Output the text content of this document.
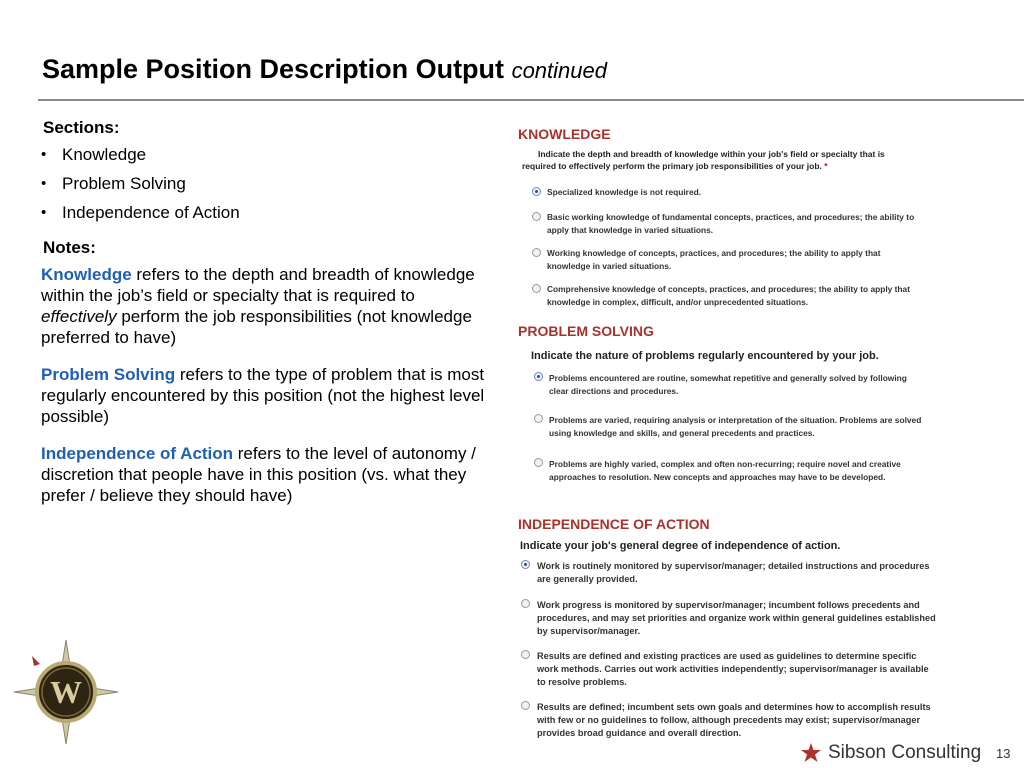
Sample Position Description Output continued
Sections:
• Knowledge
• Problem Solving
• Independence of Action
Notes:

Knowledge refers to the depth and breadth of knowledge within the job’s field or specialty that is required to effectively perform the job responsibilities (not knowledge preferred to have)

Problem Solving refers to the type of problem that is most regularly encountered by this position (not the highest level possible)

Independence of Action refers to the level of autonomy / discretion that people have in this position (vs. what they prefer / believe they should have)

KNOWLEDGE
Indicate the depth and breadth of knowledge within your job's field or specialty that is required to effectively perform the primary job responsibilities of your job. *
Specialized knowledge is not required.
Basic working knowledge of fundamental concepts, practices, and procedures; the ability to apply that knowledge in varied situations.
Working knowledge of concepts, practices, and procedures; the ability to apply that knowledge in varied situations.
Comprehensive knowledge of concepts, practices, and procedures; the ability to apply that knowledge in complex, difficult, and/or unprecedented situations.
PROBLEM SOLVING
Indicate the nature of problems regularly encountered by your job.
Problems encountered are routine, somewhat repetitive and generally solved by following clear directions and procedures.
Problems are varied, requiring analysis or interpretation of the situation. Problems are solved using knowledge and skills, and general precedents and practices.
Problems are highly varied, complex and often non-recurring; require novel and creative approaches to resolution. New concepts and approaches may have to be developed.
INDEPENDENCE OF ACTION
Indicate your job's general degree of independence of action.
Work is routinely monitored by supervisor/manager; detailed instructions and procedures are generally provided.
Work progress is monitored by supervisor/manager; incumbent follows precedents and procedures, and may set priorities and organize work within general guidelines established by supervisor/manager.
Results are defined and existing practices are used as guidelines to determine specific work methods. Carries out work activities independently; supervisor/manager is available to resolve problems.
Results are defined; incumbent sets own goals and determines how to accomplish results with few or no guidelines to follow, although precedents may exist; supervisor/manager provides broad guidance and overall direction.
W
Sibson Consulting 13
